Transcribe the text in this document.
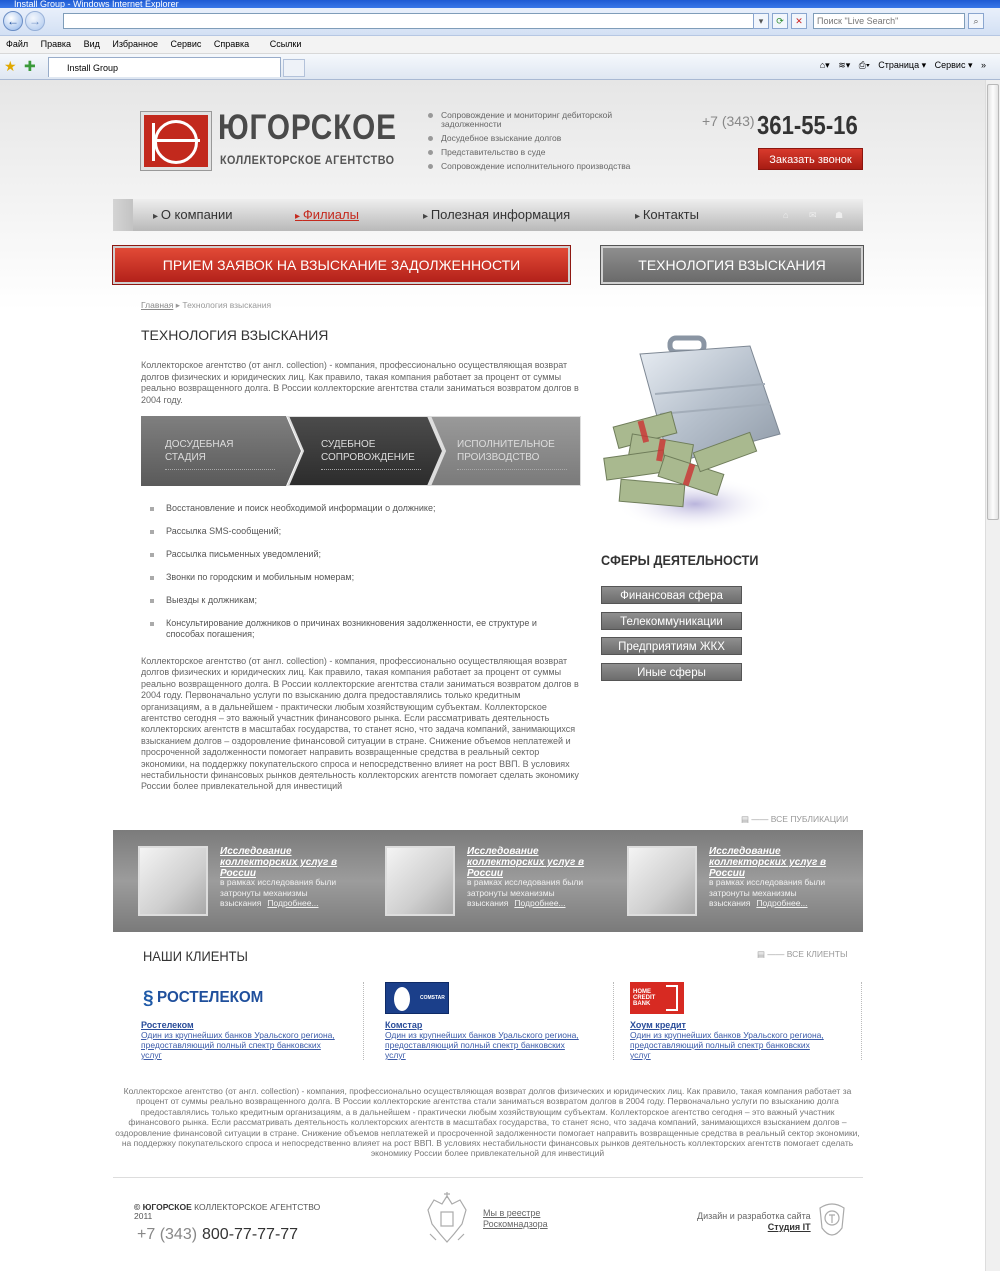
Install Group - Windows Internet Explorer
← →	▾	⟳	✕	Поиск "Live Search"	⌕
Файл Правка Вид Избранное Сервис Справка Ссылки
★ ✚	Install Group	⌂▾ ≋▾ ⎙▾ Страница ▾ Сервис ▾ »
ЮГОРСКОЕ
КОЛЛЕКТОРСКОЕ АГЕНТСТВО
Сопровождение и мониторинг дебиторской задолженности
Досудебное взыскание долгов
Представительство в суде
Сопровождение исполнительного производства
+7 (343) 361-55-16
Заказать звонок
▸ О компании	▸ Филиалы	▸ Полезная информация	▸ Контакты	⌂ ✉ ☗
ПРИЕМ ЗАЯВОК НА ВЗЫСКАНИЕ ЗАДОЛЖЕННОСТИ	ТЕХНОЛОГИЯ ВЗЫСКАНИЯ
Главная ▸ Технология взыскания
ТЕХНОЛОГИЯ ВЗЫСКАНИЯ

Коллекторское агентство (от англ. collection) - компания, профессионально осуществляющая возврат долгов физических и юридических лиц. Как правило, такая компания работает за процент от суммы реально возвращенного долга. В России коллекторские агентства стали заниматься возвратом долгов в 2004 году.

ДОСУДЕБНАЯ СТАДИЯ
СУДЕБНОЕ СОПРОВОЖДЕНИЕ
ИСПОЛНИТЕЛЬНОЕ ПРОИЗВОДСТВО
Восстановление и поиск необходимой информации о должнике;
Рассылка SMS-сообщений;
Рассылка письменных уведомлений;
Звонки по городским и мобильным номерам;
Выезды к должникам;
Консультирование должников о причинах возникновения задолженности, ее структуре и способах погашения;

Коллекторское агентство (от англ. collection) - компания, профессионально осуществляющая возврат долгов физических и юридических лиц. Как правило, такая компания работает за процент от суммы реально возвращенного долга. В России коллекторские агентства стали заниматься возвратом долгов в 2004 году. Первоначально услуги по взысканию долга предоставлялись только кредитным организациям, а в дальнейшем - практически любым хозяйствующим субъектам. Коллекторское агентство сегодня – это важный участник финансового рынка. Если рассматривать деятельность коллекторских агентств в масштабах государства, то станет ясно, что задача компаний, занимающихся взысканием долгов – оздоровление финансовой ситуации в стране. Снижение объемов неплатежей и просроченной задолженности помогает направить возвращенные средства в реальный сектор экономики, на поддержку покупательского спроса и непосредственно влияет на рост ВВП. В условиях нестабильности финансовых рынков деятельность коллекторских агентств помогает сделать экономику России более привлекательной для инвестиций

СФЕРЫ ДЕЯТЕЛЬНОСТИ
Финансовая сфера
Телекоммуникации
Предприятиям ЖКХ
Иные сферы
▤ —— ВСЕ ПУБЛИКАЦИИ
Исследование коллекторских услуг в России
в рамках исследования были затронуты механизмы взыскания Подробнее...
Исследование коллекторских услуг в России
в рамках исследования были затронуты механизмы взыскания Подробнее...
Исследование коллекторских услуг в России
в рамках исследования были затронуты механизмы взыскания Подробнее...
НАШИ КЛИЕНТЫ	▤ —— ВСЕ КЛИЕНТЫ
§ РОСТЕЛЕКОМ
Ростелеком
Один из крупнейших банков Уральского региона, предоставляющий полный спектр банковских услуг
COMSTAR
Комстар
Один из крупнейших банков Уральского региона, предоставляющий полный спектр банковских услуг
HOME CREDIT BANK
Хоум кредит
Один из крупнейших банков Уральского региона, предоставляющий полный спектр банковских услуг

Коллекторское агентство (от англ. collection) - компания, профессионально осуществляющая возврат долгов физических и юридических лиц. Как правило, такая компания работает за процент от суммы реально возвращенного долга. В России коллекторские агентства стали заниматься возвратом долгов в 2004 году. Первоначально услуги по взысканию долга предоставлялись только кредитным организациям, а в дальнейшем - практически любым хозяйствующим субъектам. Коллекторское агентство сегодня – это важный участник финансового рынка. Если рассматривать деятельность коллекторских агентств в масштабах государства, то станет ясно, что задача компаний, занимающихся взысканием долгов – оздоровление финансовой ситуации в стране. Снижение объемов неплатежей и просроченной задолженности помогает направить возвращенные средства в реальный сектор экономики, на поддержку покупательского спроса и непосредственно влияет на рост ВВП. В условиях нестабильности финансовых рынков деятельность коллекторских агентств помогает сделать экономику России более привлекательной для инвестиций

© ЮГОРСКОЕ КОЛЛЕКТОРСКОЕ АГЕНТСТВО
2011
+7 (343) 800-77-77-77
Мы в реестре Роскомнадзора
Дизайн и разработка сайта
Студия IT
